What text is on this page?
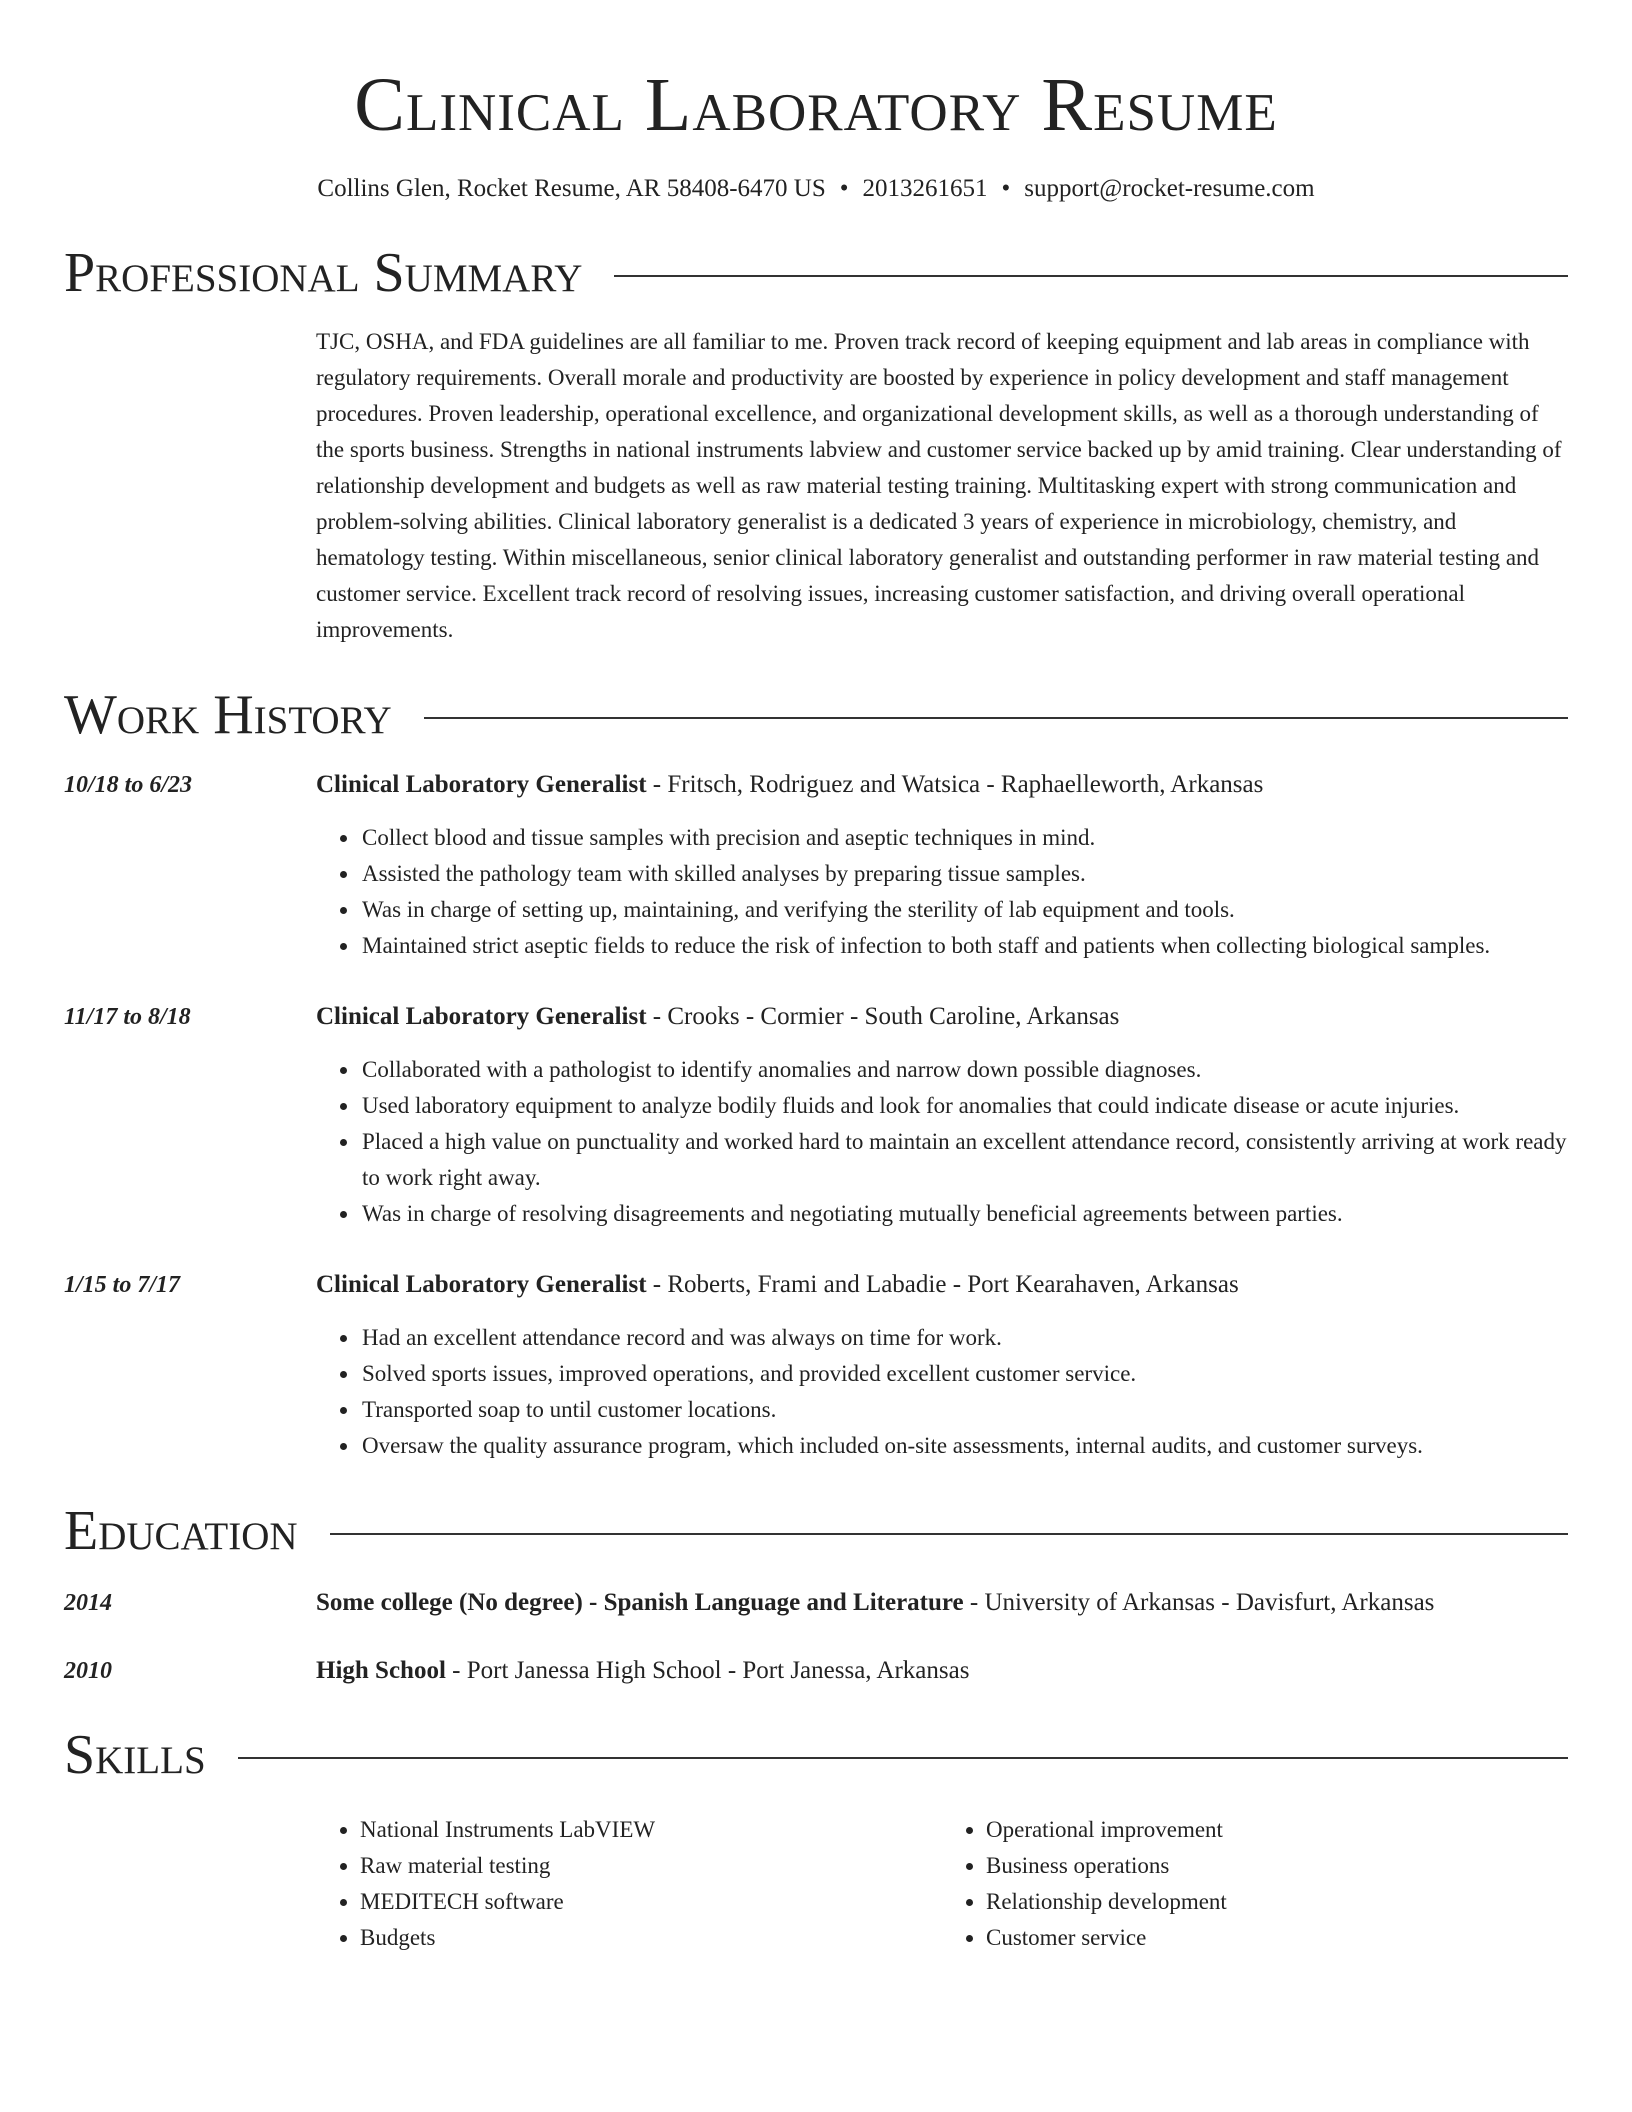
Clinical Laboratory Resume
Collins Glen, Rocket Resume, AR 58408-6470 US • 2013261651 • support@rocket-resume.com
Professional Summary
TJC, OSHA, and FDA guidelines are all familiar to me. Proven track record of keeping equipment and lab areas in compliance with regulatory requirements. Overall morale and productivity are boosted by experience in policy development and staff management procedures. Proven leadership, operational excellence, and organizational development skills, as well as a thorough understanding of the sports business. Strengths in national instruments labview and customer service backed up by amid training. Clear understanding of relationship development and budgets as well as raw material testing training. Multitasking expert with strong communication and problem-solving abilities. Clinical laboratory generalist is a dedicated 3 years of experience in microbiology, chemistry, and hematology testing. Within miscellaneous, senior clinical laboratory generalist and outstanding performer in raw material testing and customer service. Excellent track record of resolving issues, increasing customer satisfaction, and driving overall operational improvements.
Work History
10/18 to 6/23	Clinical Laboratory Generalist - Fritsch, Rodriguez and Watsica - Raphaelleworth, Arkansas
• Collect blood and tissue samples with precision and aseptic techniques in mind.
• Assisted the pathology team with skilled analyses by preparing tissue samples.
• Was in charge of setting up, maintaining, and verifying the sterility of lab equipment and tools.
• Maintained strict aseptic fields to reduce the risk of infection to both staff and patients when collecting biological samples.
11/17 to 8/18	Clinical Laboratory Generalist - Crooks - Cormier - South Caroline, Arkansas
• Collaborated with a pathologist to identify anomalies and narrow down possible diagnoses.
• Used laboratory equipment to analyze bodily fluids and look for anomalies that could indicate disease or acute injuries.
• Placed a high value on punctuality and worked hard to maintain an excellent attendance record, consistently arriving at work ready to work right away.
• Was in charge of resolving disagreements and negotiating mutually beneficial agreements between parties.
1/15 to 7/17	Clinical Laboratory Generalist - Roberts, Frami and Labadie - Port Kearahaven, Arkansas
• Had an excellent attendance record and was always on time for work.
• Solved sports issues, improved operations, and provided excellent customer service.
• Transported soap to until customer locations.
• Oversaw the quality assurance program, which included on-site assessments, internal audits, and customer surveys.
Education
2014	Some college (No degree) - Spanish Language and Literature - University of Arkansas - Davisfurt, Arkansas
2010	High School - Port Janessa High School - Port Janessa, Arkansas
Skills
• National Instruments LabVIEW
• Raw material testing
• MEDITECH software
• Budgets
• Operational improvement
• Business operations
• Relationship development
• Customer service
